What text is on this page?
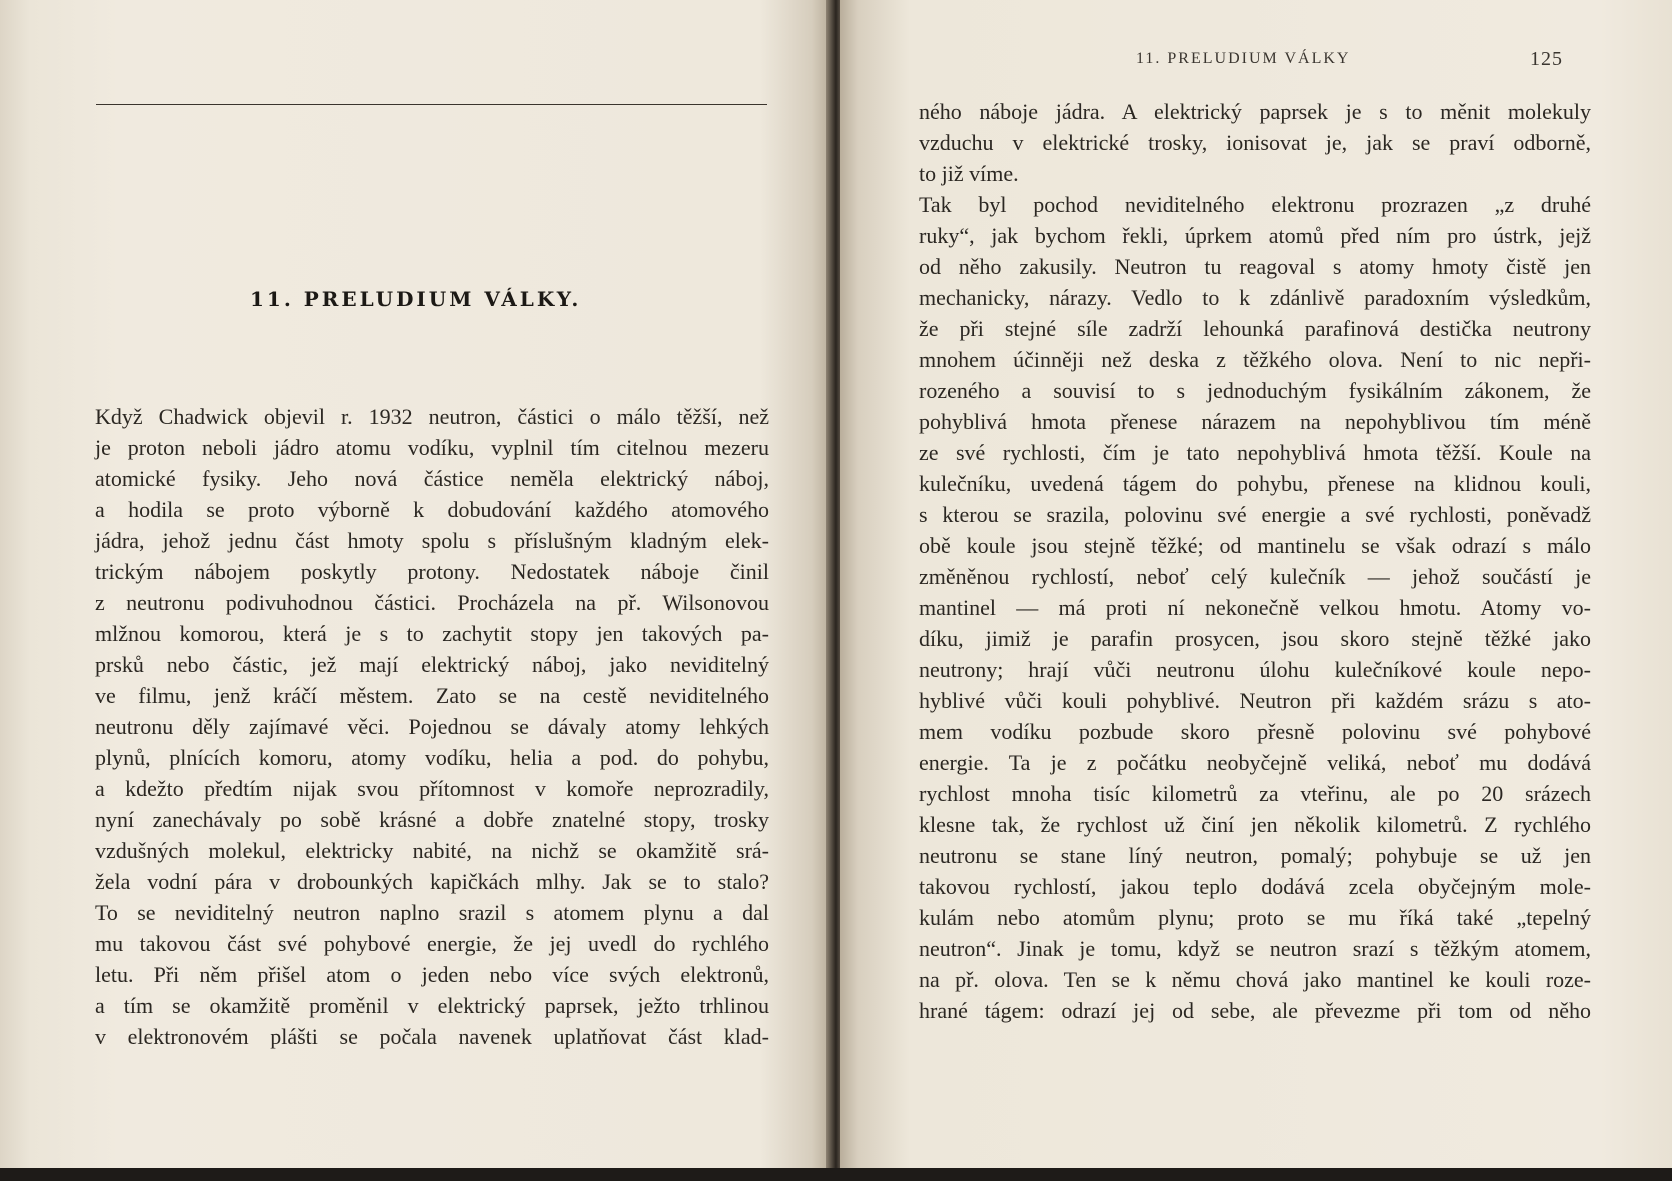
11. PRELUDIUM VÁLKY.
Když Chadwick objevil r. 1932 neutron, částici o málo těžší, než
je proton neboli jádro atomu vodíku, vyplnil tím citelnou mezeru
atomické fysiky. Jeho nová částice neměla elektrický náboj,
a hodila se proto výborně k dobudování každého atomového
jádra, jehož jednu část hmoty spolu s příslušným kladným elek-
trickým nábojem poskytly protony. Nedostatek náboje činil
z neutronu podivuhodnou částici. Procházela na př. Wilsonovou
mlžnou komorou, která je s to zachytit stopy jen takových pa-
prsků nebo částic, jež mají elektrický náboj, jako neviditelný
ve filmu, jenž kráčí městem. Zato se na cestě neviditelného
neutronu děly zajímavé věci. Pojednou se dávaly atomy lehkých
plynů, plnících komoru, atomy vodíku, helia a pod. do pohybu,
a kdežto předtím nijak svou přítomnost v komoře neprozradily,
nyní zanechávaly po sobě krásné a dobře znatelné stopy, trosky
vzdušných molekul, elektricky nabité, na nichž se okamžitě srá-
žela vodní pára v drobounkých kapičkách mlhy. Jak se to stalo?
To se neviditelný neutron naplno srazil s atomem plynu a dal
mu takovou část své pohybové energie, že jej uvedl do rychlého
letu. Při něm přišel atom o jeden nebo více svých elektronů,
a tím se okamžitě proměnil v elektrický paprsek, ježto trhlinou
v elektronovém plášti se počala navenek uplatňovat část klad-
11. PRELUDIUM VÁLKY	125
ného náboje jádra. A elektrický paprsek je s to měnit molekuly
vzduchu v elektrické trosky, ionisovat je, jak se praví odborně,
to již víme.
Tak byl pochod neviditelného elektronu prozrazen „z druhé
ruky“, jak bychom řekli, úprkem atomů před ním pro ústrk, jejž
od něho zakusily. Neutron tu reagoval s atomy hmoty čistě jen
mechanicky, nárazy. Vedlo to k zdánlivě paradoxním výsledkům,
že při stejné síle zadrží lehounká parafinová destička neutrony
mnohem účinněji než deska z těžkého olova. Není to nic nepři-
rozeného a souvisí to s jednoduchým fysikálním zákonem, že
pohyblivá hmota přenese nárazem na nepohyblivou tím méně
ze své rychlosti, čím je tato nepohyblivá hmota těžší. Koule na
kulečníku, uvedená tágem do pohybu, přenese na klidnou kouli,
s kterou se srazila, polovinu své energie a své rychlosti, poněvadž
obě koule jsou stejně těžké; od mantinelu se však odrazí s málo
změněnou rychlostí, neboť celý kulečník — jehož součástí je
mantinel — má proti ní nekonečně velkou hmotu. Atomy vo-
díku, jimiž je parafin prosycen, jsou skoro stejně těžké jako
neutrony; hrají vůči neutronu úlohu kulečníkové koule nepo-
hyblivé vůči kouli pohyblivé. Neutron při každém srázu s ato-
mem vodíku pozbude skoro přesně polovinu své pohybové
energie. Ta je z počátku neobyčejně veliká, neboť mu dodává
rychlost mnoha tisíc kilometrů za vteřinu, ale po 20 srázech
klesne tak, že rychlost už činí jen několik kilometrů. Z rychlého
neutronu se stane líný neutron, pomalý; pohybuje se už jen
takovou rychlostí, jakou teplo dodává zcela obyčejným mole-
kulám nebo atomům plynu; proto se mu říká také „tepelný
neutron“. Jinak je tomu, když se neutron srazí s těžkým atomem,
na př. olova. Ten se k němu chová jako mantinel ke kouli roze-
hrané tágem: odrazí jej od sebe, ale převezme při tom od něho
